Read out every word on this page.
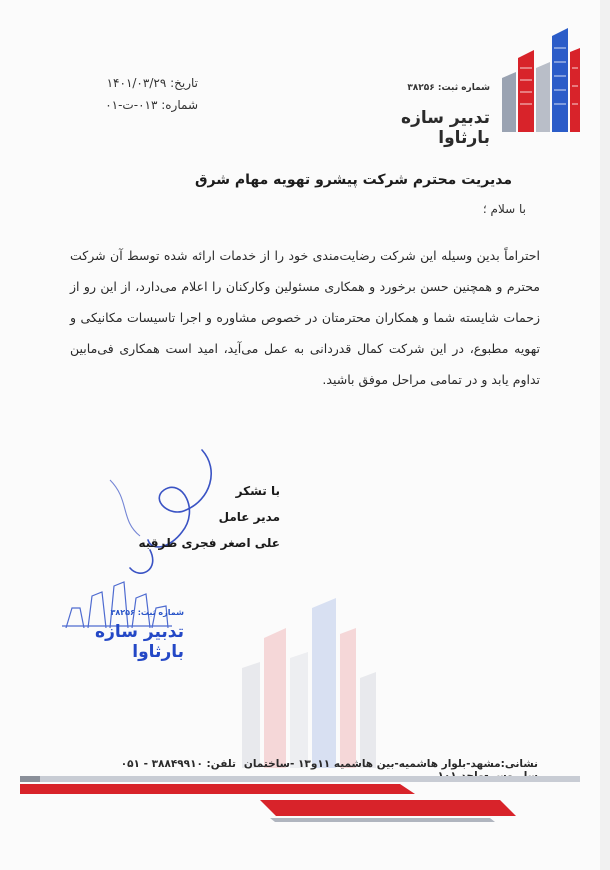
شماره ثبت: ۳۸۲۵۶
تدبیر سازه بارثاوا
تاریخ: ۱۴۰۱/۰۳/۲۹
شماره: ۰۱۳-ت-۰۱
مدیریت محترم شرکت پیشرو تهویه مهام شرق
با سلام ؛
احتراماً بدین وسیله این شرکت رضایت‌مندی خود را از خدمات ارائه شده توسط آن شرکت محترم و همچنین حسن برخورد و همکاری مسئولین وکارکنان را اعلام می‌دارد، از این رو از زحمات شایسته شما و همکاران محترمتان در خصوص مشاوره و اجرا تاسیسات مکانیکی و تهویه مطبوع، در این شرکت کمال قدردانی به عمل می‌آید، امید است همکاری فی‌مابین تداوم یابد و در تمامی مراحل موفق باشید.
با تشکر
مدیر عامل
علی اصغر فجری طرقبه
شماره ثبت: ۳۸۲۵۶
تدبیر سازه بارثاوا
نشانی:مشهد-بلوار هاشمیه-بین هاشمیه ۱۱و۱۳ -ساختمان
تلفن: ۳۸۸۴۹۹۱۰ - ۰۵۱
